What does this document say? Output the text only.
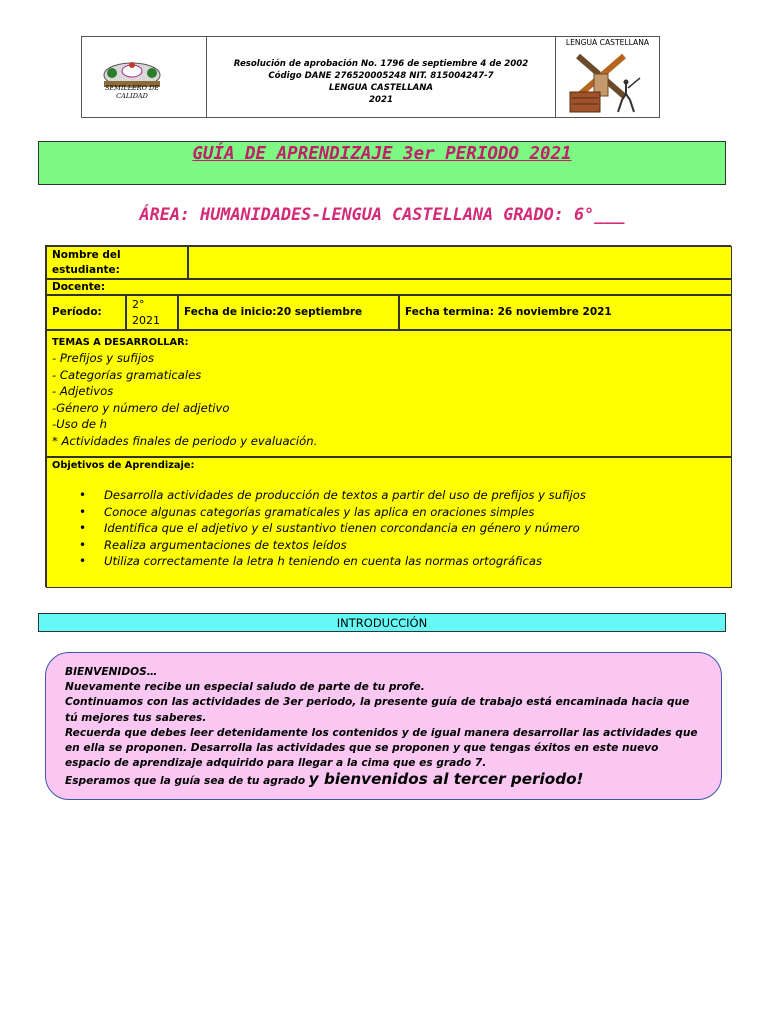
SEMILLERO DE CALIDAD
Resolución de aprobación No. 1796 de septiembre 4 de 2002
Código DANE 276520005248 NIT. 815004247-7
LENGUA CASTELLANA
2021
LENGUA CASTELLANA
GUÍA DE APRENDIZAJE 3er PERIODO 2021
ÁREA: HUMANIDADES-LENGUA CASTELLANA GRADO: 6°___
Nombre del estudiante:
Docente:
Período:
2° 2021
Fecha de inicio:20 septiembre	Fecha termina: 26 noviembre 2021
TEMAS A DESARROLLAR:
- Prefijos y sufijos
- Categorías gramaticales
- Adjetivos
-Género y número del adjetivo
-Uso de h
* Actividades finales de periodo y evaluación.
Objetivos de Aprendizaje:
• Desarrolla actividades de producción de textos a partir del uso de prefijos y sufijos
• Conoce algunas categorías gramaticales y las aplica en oraciones simples
• Identifica que el adjetivo y el sustantivo tienen corcondancia en género y número
• Realiza argumentaciones de textos leídos
• Utiliza correctamente la letra h teniendo en cuenta las normas ortográficas
INTRODUCCIÓN

BIENVENIDOS…

Nuevamente recibe un especial saludo de parte de tu profe.

Continuamos con las actividades de 3er periodo, la presente guía de trabajo está encaminada hacia que tú mejores tus saberes.

Recuerda que debes leer detenidamente los contenidos y de igual manera desarrollar las actividades que en ella se proponen. Desarrolla las actividades que se proponen y que tengas éxitos en este nuevo espacio de aprendizaje adquirido para llegar a la cima que es grado 7.

Esperamos que la guía sea de tu agrado y bienvenidos al tercer periodo!
